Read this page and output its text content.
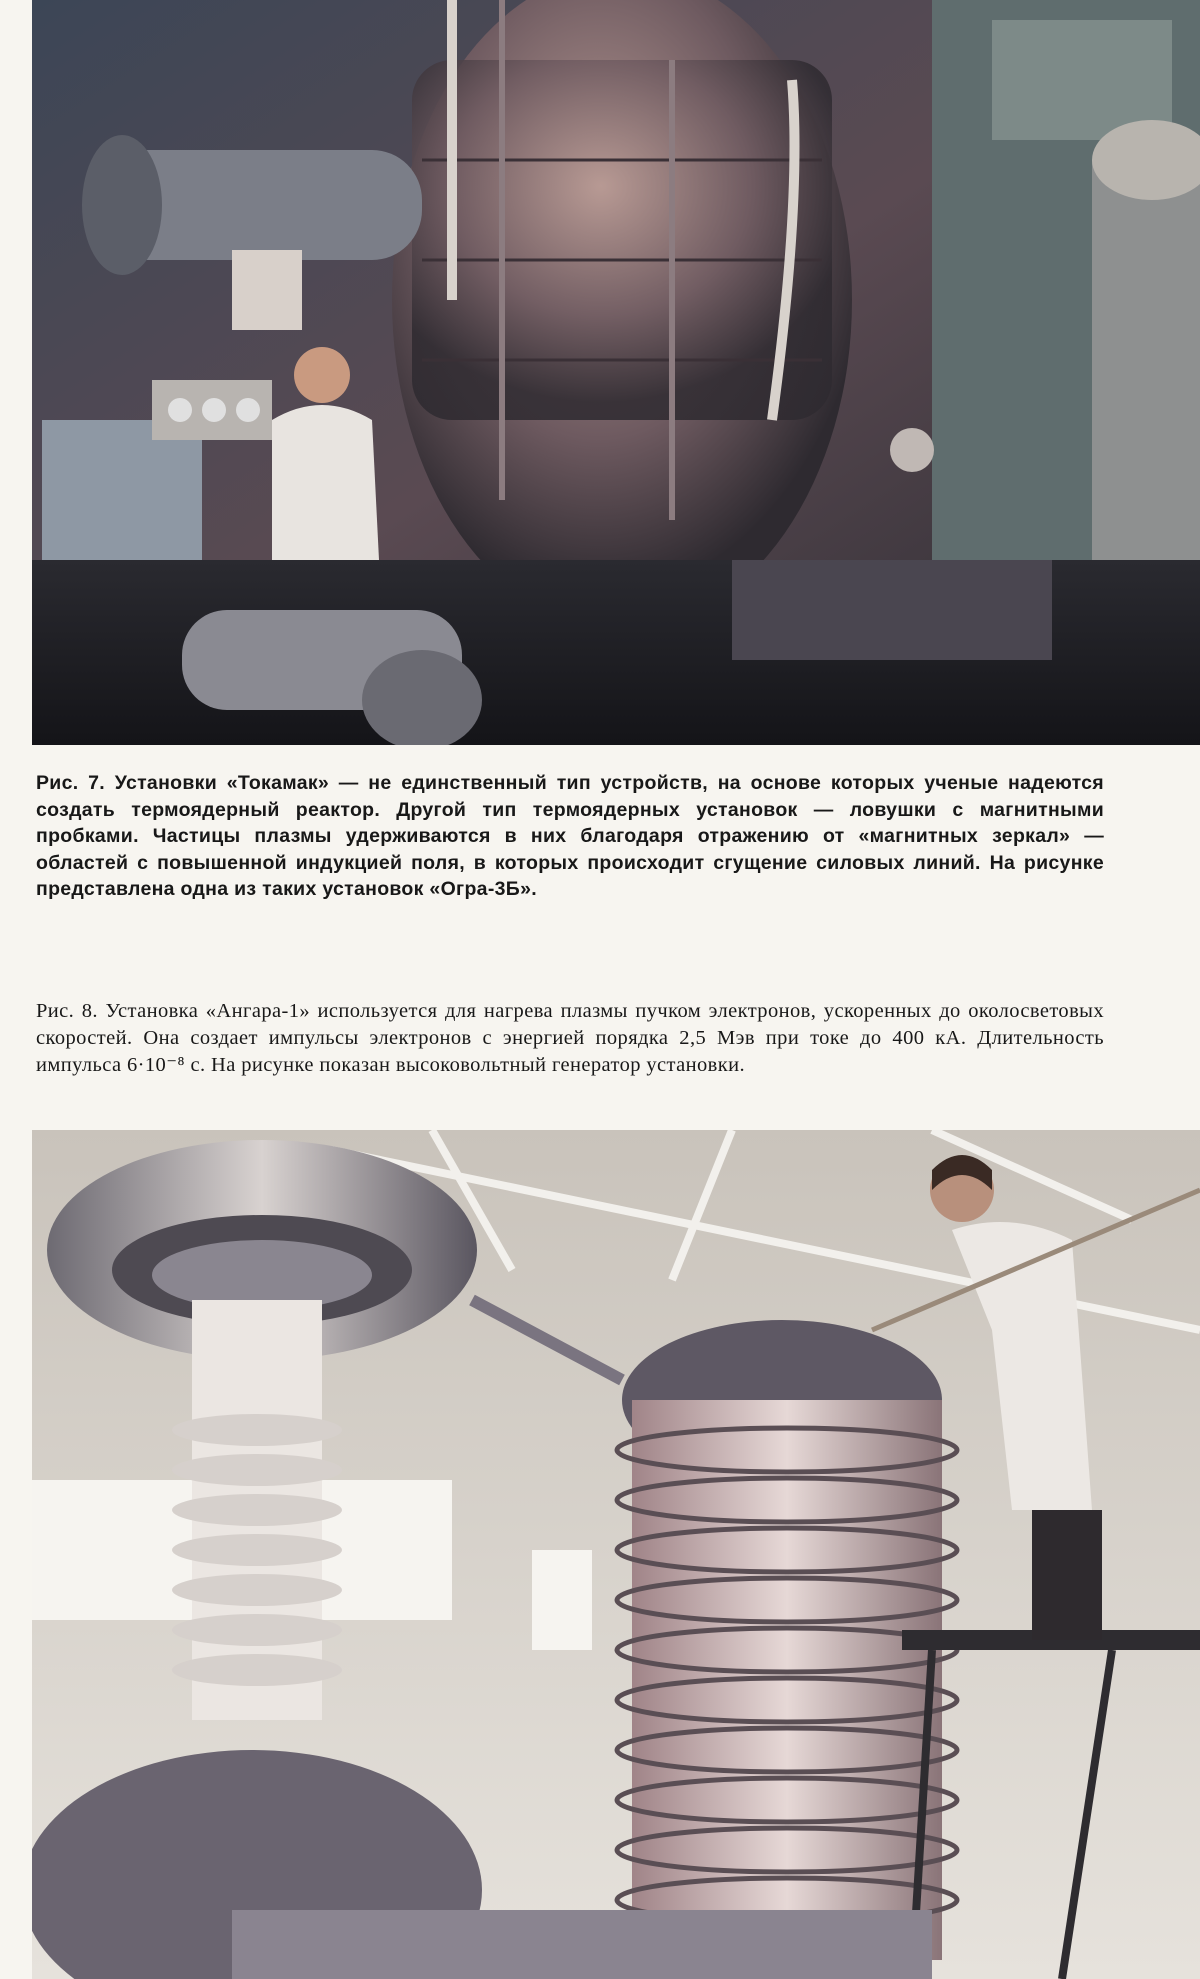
Рис. 7. Установки «Токамак» — не единственный тип устройств, на основе которых ученые надеются создать термоядерный реактор. Другой тип термоядерных установок — ловушки с магнитными пробками. Частицы плазмы удерживаются в них благодаря отражению от «магнитных зеркал» — областей с повышенной индукцией поля, в которых происходит сгущение силовых линий. На рисунке представлена одна из таких установок «Огра-3Б».
Рис. 8. Установка «Ангара-1» используется для нагрева плазмы пучком электронов, ускоренных до околосветовых скоростей. Она создает импульсы электронов с энергией порядка 2,5 Мэв при токе до 400 кА. Длительность импульса 6·10⁻⁸ с. На рисунке показан высоковольтный генератор установки.
